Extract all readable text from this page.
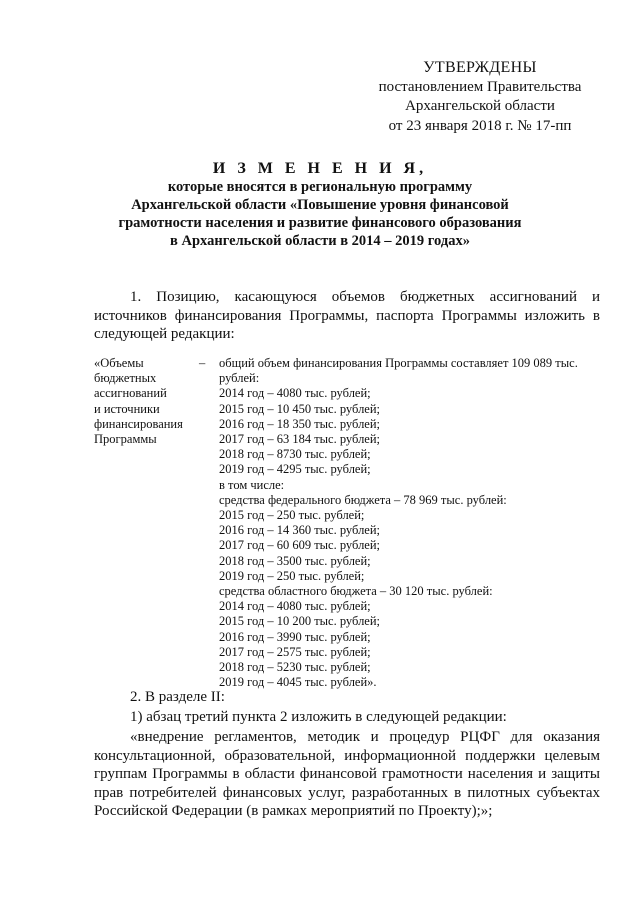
УТВЕРЖДЕНЫ
постановлением Правительства
Архангельской области
от 23 января 2018 г. № 17-пп
И З М Е Н Е Н И Я,
которые вносятся в региональную программу
Архангельской области «Повышение уровня финансовой
грамотности населения и развитие финансового образования
в Архангельской области в 2014 – 2019 годах»
1. Позицию, касающуюся объемов бюджетных ассигнований и источников финансирования Программы, паспорта Программы изложить в следующей редакции:
«Объемы
бюджетных
ассигнований
и источники
финансирования
Программы
–	общий объем финансирования Программы составляет 109 089 тыс. рублей:
2014 год – 4080 тыс. рублей;
2015 год – 10 450 тыс. рублей;
2016 год – 18 350 тыс. рублей;
2017 год – 63 184 тыс. рублей;
2018 год – 8730 тыс. рублей;
2019 год – 4295 тыс. рублей;
в том числе:
средства федерального бюджета – 78 969 тыс. рублей:
2015 год – 250 тыс. рублей;
2016 год – 14 360 тыс. рублей;
2017 год – 60 609 тыс. рублей;
2018 год – 3500 тыс. рублей;
2019 год – 250 тыс. рублей;
средства областного бюджета – 30 120 тыс. рублей:
2014 год – 4080 тыс. рублей;
2015 год – 10 200 тыс. рублей;
2016 год – 3990 тыс. рублей;
2017 год – 2575 тыс. рублей;
2018 год – 5230 тыс. рублей;
2019 год – 4045 тыс. рублей».
2. В разделе II:
1) абзац третий пункта 2 изложить в следующей редакции:
«внедрение регламентов, методик и процедур РЦФГ для оказания консультационной, образовательной, информационной поддержки целевым группам Программы в области финансовой грамотности населения и защиты прав потребителей финансовых услуг, разработанных в пилотных субъектах Российской Федерации (в рамках мероприятий по Проекту);»;
